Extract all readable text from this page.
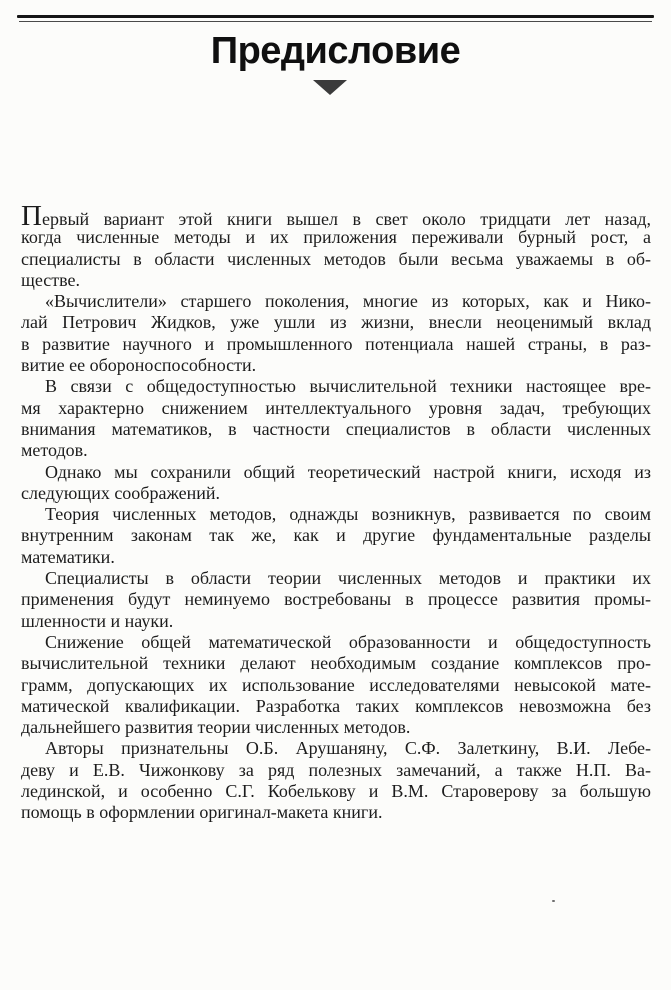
Предисловие

Первый вариант этой книги вышел в свет около тридцати лет назад,
когда численные методы и их приложения переживали бурный рост, а
специалисты в области численных методов были весьма уважаемы в об-
ществе.

«Вычислители» старшего поколения, многие из которых, как и Нико-
лай Петрович Жидков, уже ушли из жизни, внесли неоценимый вклад
в развитие научного и промышленного потенциала нашей страны, в раз-
витие ее обороноспособности.

В связи с общедоступностью вычислительной техники настоящее вре-
мя характерно снижением интеллектуального уровня задач, требующих
внимания математиков, в частности специалистов в области численных
методов.

Однако мы сохранили общий теоретический настрой книги, исходя из
следующих соображений.

Теория численных методов, однажды возникнув, развивается по своим
внутренним законам так же, как и другие фундаментальные разделы
математики.

Специалисты в области теории численных методов и практики их
применения будут неминуемо востребованы в процессе развития промы-
шленности и науки.

Снижение общей математической образованности и общедоступность
вычислительной техники делают необходимым создание комплексов про-
грамм, допускающих их использование исследователями невысокой мате-
матической квалификации. Разработка таких комплексов невозможна без
дальнейшего развития теории численных методов.

Авторы признательны О.Б. Арушаняну, С.Ф. Залеткину, В.И. Лебе-
деву и Е.В. Чижонкову за ряд полезных замечаний, а также Н.П. Ва-
лединской, и особенно С.Г. Кобелькову и В.М. Староверову за большую
помощь в оформлении оригинал-макета книги.
